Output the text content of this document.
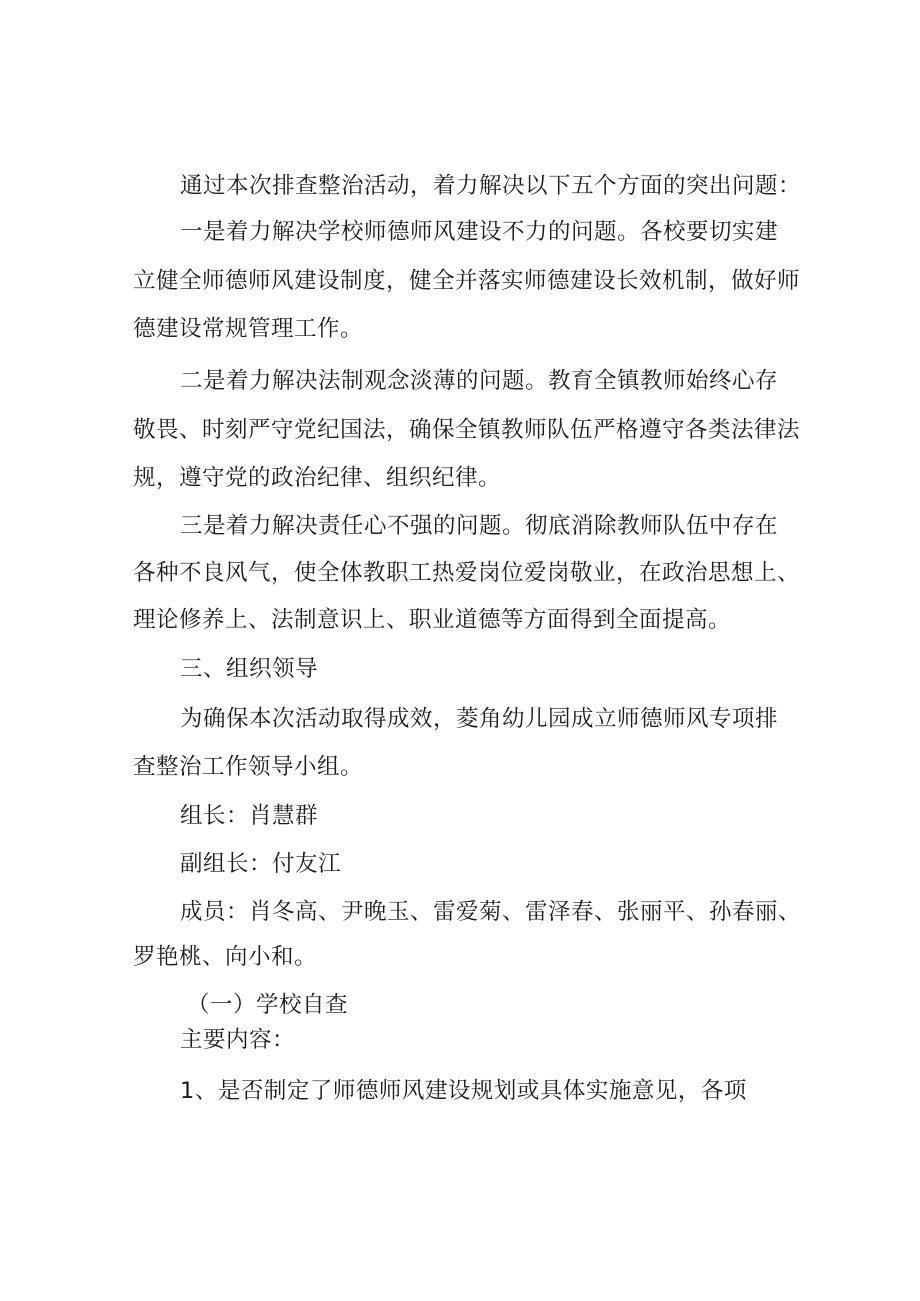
通过本次排查整治活动，着力解决以下五个方面的突出问题：
一是着力解决学校师德师风建设不力的问题。各校要切实建
立健全师德师风建设制度，健全并落实师德建设长效机制，做好师
德建设常规管理工作。
二是着力解决法制观念淡薄的问题。教育全镇教师始终心存
敬畏、时刻严守党纪国法，确保全镇教师队伍严格遵守各类法律法
规，遵守党的政治纪律、组织纪律。
三是着力解决责任心不强的问题。彻底消除教师队伍中存在
各种不良风气，使全体教职工热爱岗位爱岗敬业，在政治思想上、
理论修养上、法制意识上、职业道德等方面得到全面提高。
三、组织领导
为确保本次活动取得成效，菱角幼儿园成立师德师风专项排
查整治工作领导小组。
组长：肖慧群
副组长：付友江
成员：肖冬高、尹晚玉、雷爱菊、雷泽春、张丽平、孙春丽、
罗艳桃、向小和。
（一）学校自查
主要内容：
1、是否制定了师德师风建设规划或具体实施意见，各项
